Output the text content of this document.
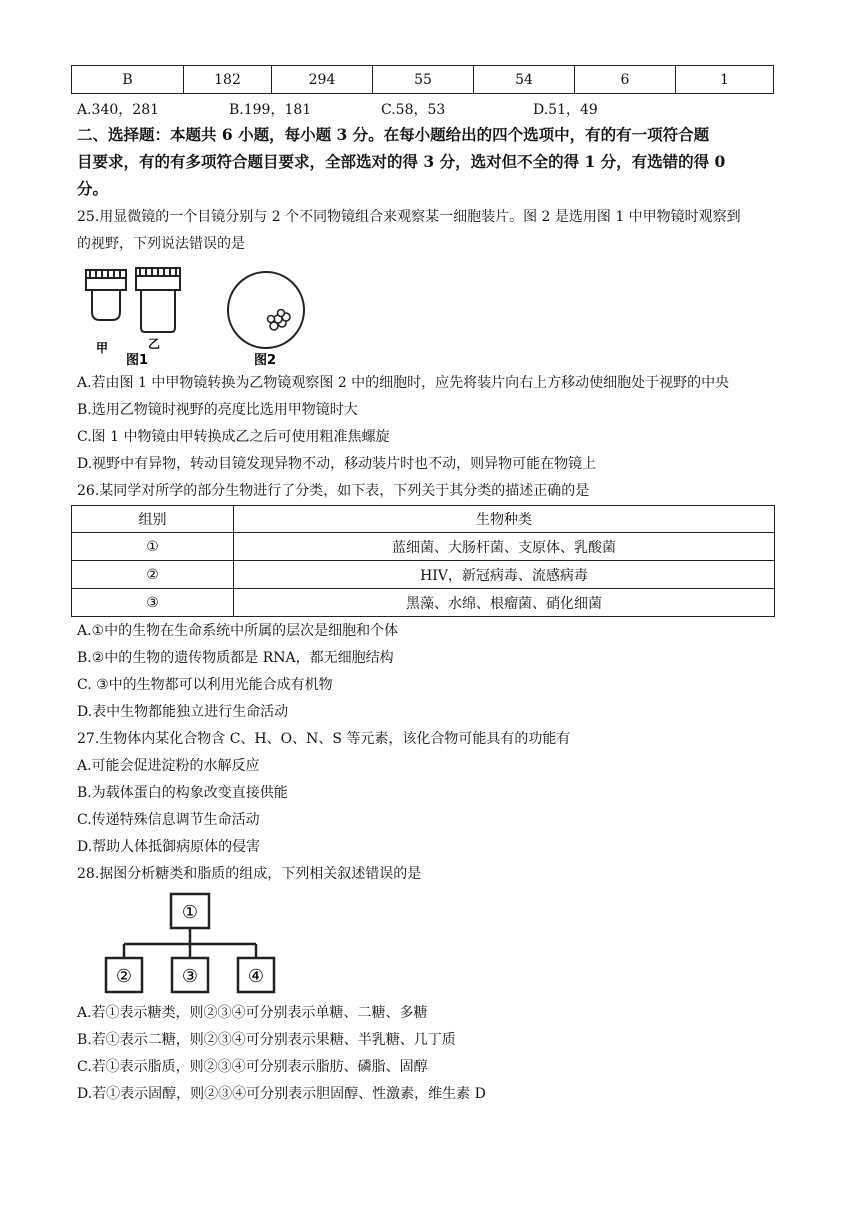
B	182	294	55	54	6	1
A.340，281	B.199，181	C.58，53	D.51，49
二、选择题：本题共 6 小题，每小题 3 分。在每小题给出的四个选项中，有的有一项符合题
目要求，有的有多项符合题目要求，全部选对的得 3 分，选对但不全的得 1 分，有选错的得 0
分。
25.用显微镜的一个目镜分别与 2 个不同物镜组合来观察某一细胞装片。图 2 是选用图 1 中甲物镜时观察到
的视野，下列说法错误的是
甲	乙
图1	图2
A.若由图 1 中甲物镜转换为乙物镜观察图 2 中的细胞时，应先将装片向右上方移动使细胞处于视野的中央
B.选用乙物镜时视野的亮度比选用甲物镜时大
C.图 1 中物镜由甲转换成乙之后可使用粗准焦螺旋
D.视野中有异物，转动目镜发现异物不动，移动装片时也不动，则异物可能在物镜上
26.某同学对所学的部分生物进行了分类，如下表，下列关于其分类的描述正确的是
组别	生物种类
①	蓝细菌、大肠杆菌、支原体、乳酸菌
②	HIV，新冠病毒、流感病毒
③	黑藻、水绵、根瘤菌、硝化细菌
A.①中的生物在生命系统中所属的层次是细胞和个体
B.②中的生物的遗传物质都是 RNA，都无细胞结构
C. ③中的生物都可以利用光能合成有机物
D.表中生物都能独立进行生命活动
27.生物体内某化合物含 C、H、O、N、S 等元素，该化合物可能具有的功能有
A.可能会促进淀粉的水解反应
B.为载体蛋白的构象改变直接供能
C.传递特殊信息调节生命活动
D.帮助人体抵御病原体的侵害
28.据图分析糖类和脂质的组成，下列相关叙述错误的是
①
②	③	④
A.若①表示糖类，则②③④可分别表示单糖、二糖、多糖
B.若①表示二糖，则②③④可分别表示果糖、半乳糖、几丁质
C.若①表示脂质，则②③④可分别表示脂肪、磷脂、固醇
D.若①表示固醇，则②③④可分别表示胆固醇、性激素，维生素 D
